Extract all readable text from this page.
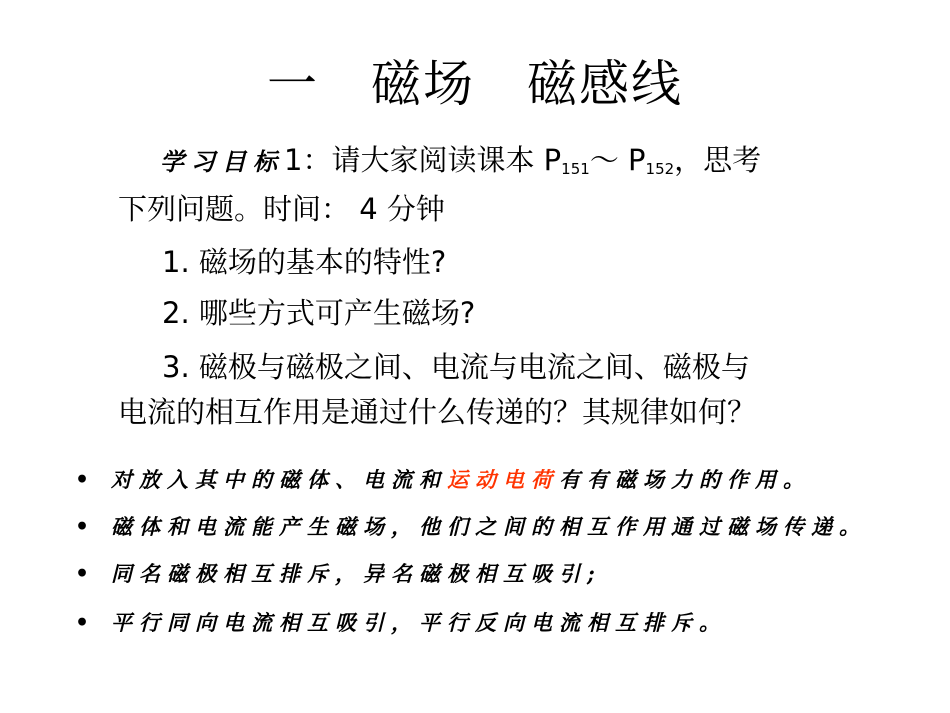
一　磁场　磁感线
学习目标1：请大家阅读课本 $P_{151}\sim$ $P_{152}$，思考
下列问题。时间： 4 分钟
1. 磁场的基本的特性?
2. 哪些方式可产生磁场?
3. 磁极与磁极之间、电流与电流之间、磁极与
电流的相互作用是通过什么传递的？其规律如何？
• 对放入其中的磁体、电流和运动电荷有有磁场力的作用。
• 磁体和电流能产生磁场，他们之间的相互作用通过磁场传递。
• 同名磁极相互排斥，异名磁极相互吸引;
• 平行同向电流相互吸引，平行反向电流相互排斥。
